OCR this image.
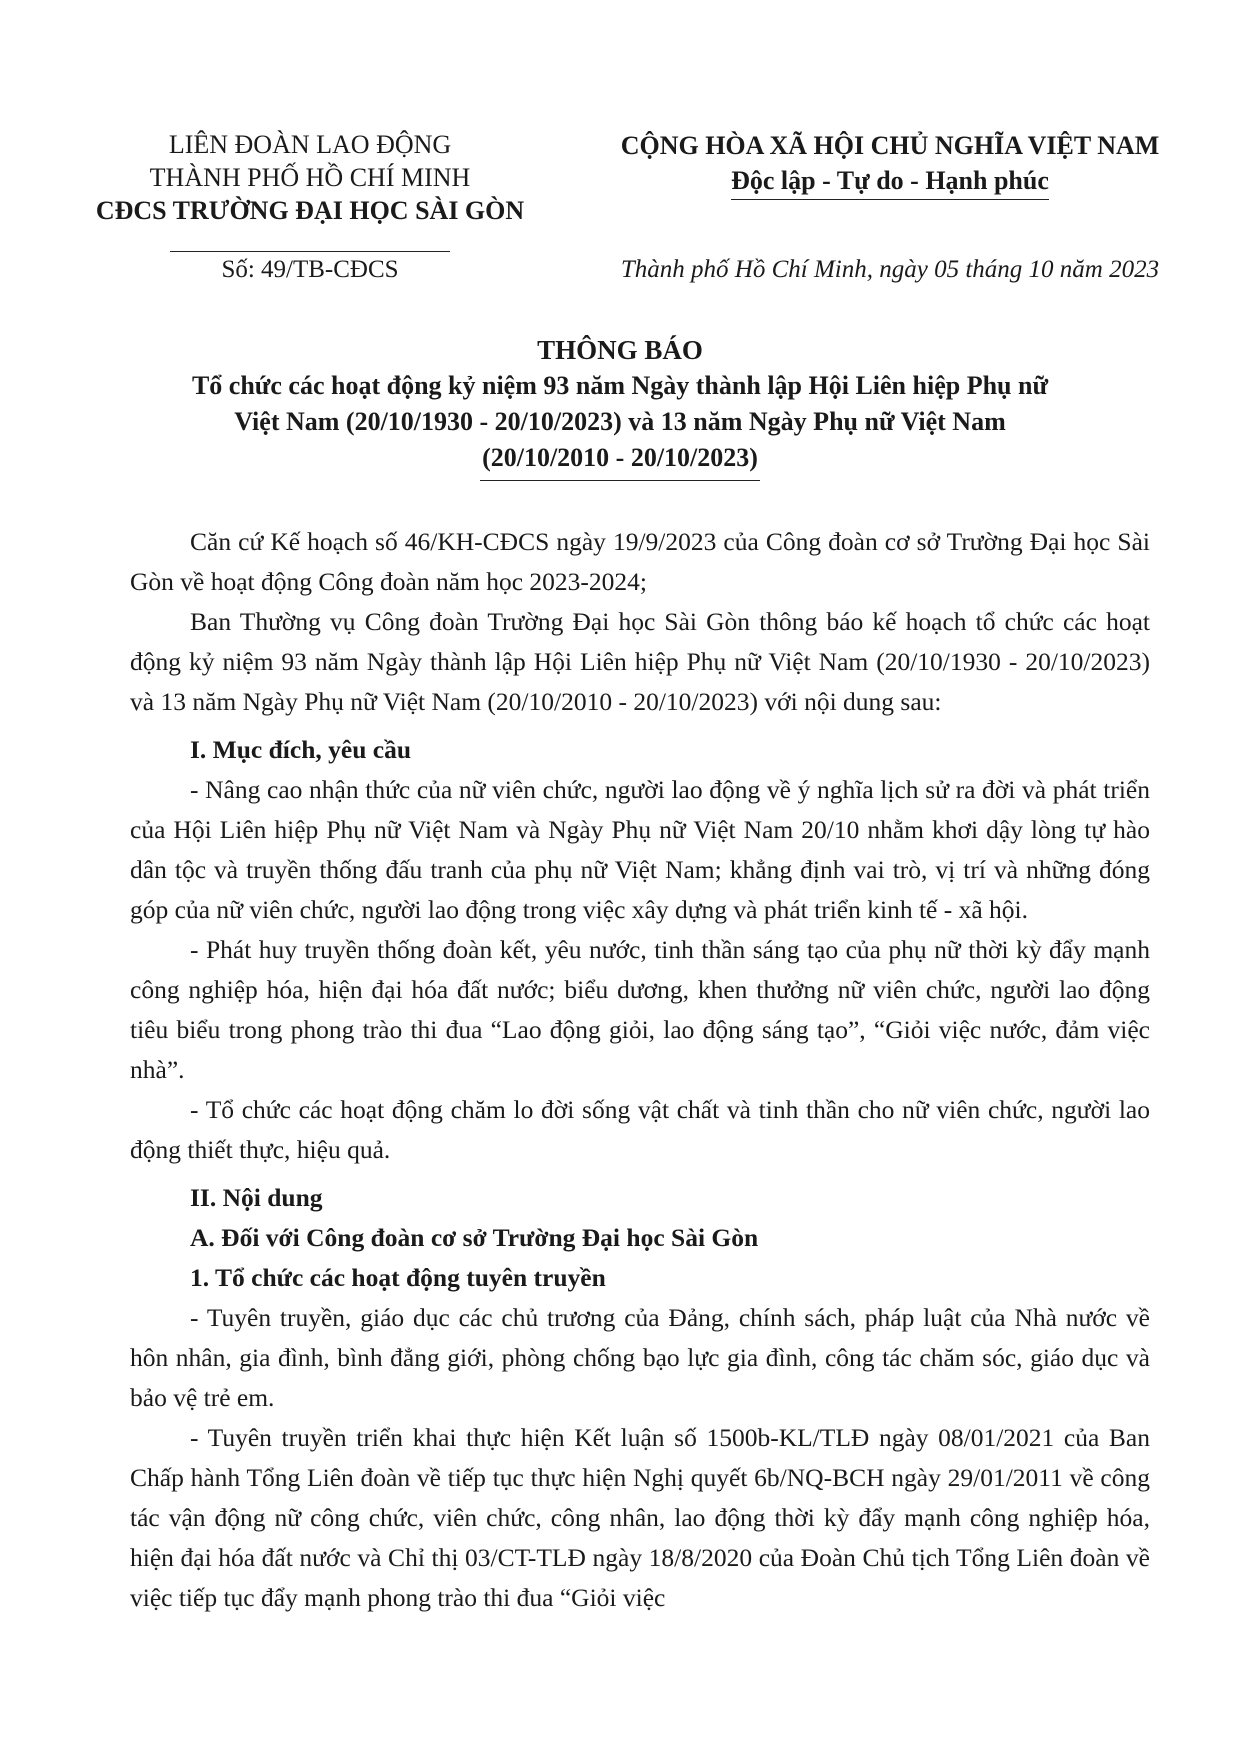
LIÊN ĐOÀN LAO ĐỘNG
THÀNH PHỐ HỒ CHÍ MINH
CĐCS TRƯỜNG ĐẠI HỌC SÀI GÒN
CỘNG HÒA XÃ HỘI CHỦ NGHĨA VIỆT NAM
Độc lập - Tự do - Hạnh phúc
Số: 49/TB-CĐCS	Thành phố Hồ Chí Minh, ngày 05 tháng 10 năm 2023
THÔNG BÁO
Tổ chức các hoạt động kỷ niệm 93 năm Ngày thành lập Hội Liên hiệp Phụ nữ
Việt Nam (20/10/1930 - 20/10/2023) và 13 năm Ngày Phụ nữ Việt Nam
(20/10/2010 - 20/10/2023)

Căn cứ Kế hoạch số 46/KH-CĐCS ngày 19/9/2023 của Công đoàn cơ sở Trường Đại học Sài Gòn về hoạt động Công đoàn năm học 2023-2024;

Ban Thường vụ Công đoàn Trường Đại học Sài Gòn thông báo kế hoạch tổ chức các hoạt động kỷ niệm 93 năm Ngày thành lập Hội Liên hiệp Phụ nữ Việt Nam (20/10/1930 - 20/10/2023) và 13 năm Ngày Phụ nữ Việt Nam (20/10/2010 - 20/10/2023) với nội dung sau:

I. Mục đích, yêu cầu

- Nâng cao nhận thức của nữ viên chức, người lao động về ý nghĩa lịch sử ra đời và phát triển của Hội Liên hiệp Phụ nữ Việt Nam và Ngày Phụ nữ Việt Nam 20/10 nhằm khơi dậy lòng tự hào dân tộc và truyền thống đấu tranh của phụ nữ Việt Nam; khẳng định vai trò, vị trí và những đóng góp của nữ viên chức, người lao động trong việc xây dựng và phát triển kinh tế - xã hội.

- Phát huy truyền thống đoàn kết, yêu nước, tinh thần sáng tạo của phụ nữ thời kỳ đẩy mạnh công nghiệp hóa, hiện đại hóa đất nước; biểu dương, khen thưởng nữ viên chức, người lao động tiêu biểu trong phong trào thi đua “Lao động giỏi, lao động sáng tạo”, “Giỏi việc nước, đảm việc nhà”.

- Tổ chức các hoạt động chăm lo đời sống vật chất và tinh thần cho nữ viên chức, người lao động thiết thực, hiệu quả.

II. Nội dung

A. Đối với Công đoàn cơ sở Trường Đại học Sài Gòn

1. Tổ chức các hoạt động tuyên truyền

- Tuyên truyền, giáo dục các chủ trương của Đảng, chính sách, pháp luật của Nhà nước về hôn nhân, gia đình, bình đẳng giới, phòng chống bạo lực gia đình, công tác chăm sóc, giáo dục và bảo vệ trẻ em.

- Tuyên truyền triển khai thực hiện Kết luận số 1500b-KL/TLĐ ngày 08/01/2021 của Ban Chấp hành Tổng Liên đoàn về tiếp tục thực hiện Nghị quyết 6b/NQ-BCH ngày 29/01/2011 về công tác vận động nữ công chức, viên chức, công nhân, lao động thời kỳ đẩy mạnh công nghiệp hóa, hiện đại hóa đất nước và Chỉ thị 03/CT-TLĐ ngày 18/8/2020 của Đoàn Chủ tịch Tổng Liên đoàn về việc tiếp tục đẩy mạnh phong trào thi đua “Giỏi việc
